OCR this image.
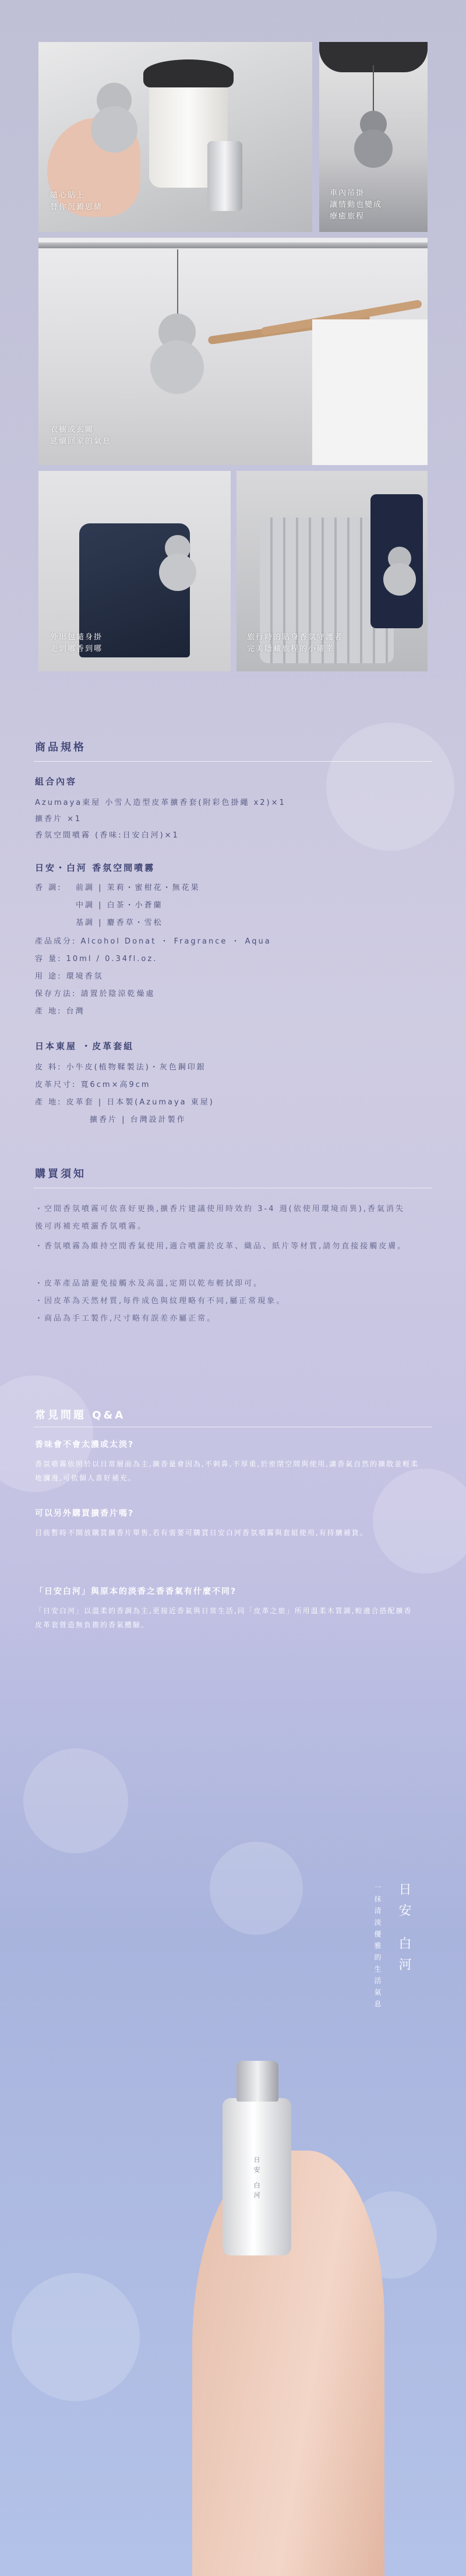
隨心貼上
替你沉澱思緒
車內吊掛
讓情動也變成
療癒旅程
衣櫥或玄關
延續回家的氣息
外出包隨身掛
走到哪香到哪
旅行時的貼身香氛守護者
完美隱藏旅程的小確幸
商品規格
組合內容
Azumaya東屋 小雪人造型皮革擴香套(附彩色掛繩 x2)×1
擴香片 ×1
香氛空間噴霧 (香味:日安白河)×1
日安・白河 香氛空間噴霧
香 調: 前調 | 茉莉・蜜柑花・無花果
中調 | 白茶・小蒼蘭
基調 | 麝香草・雪松
產品成分: Alcohol Donat ・ Fragrance ・ Aqua
容 量: 10ml / 0.34fl.oz.
用 途: 環境香氛
保存方法: 請置於陰涼乾燥處
產 地: 台灣
日本東屋 ・皮革套組
皮 料: 小牛皮(植物鞣製法)・灰色鋼印銀
皮革尺寸: 寬6cm×高9cm
產 地: 皮革套 | 日本製(Azumaya 東屋)
擴香片 | 台灣設計製作
購買須知
・空間香氛噴霧可依喜好更換,擴香片建議使用時效約 3-4 週(依使用環境而異),香氣消失後可再補充噴灑香氛噴霧。
・香氛噴霧為維持空間香氣使用,適合噴灑於皮革、織品、紙片等材質,請勿直接接觸皮膚。
・皮革產品請避免接觸水及高溫,定期以乾布輕拭即可。
・因皮革為天然材質,每件成色與紋理略有不同,屬正常現象。
・商品為手工製作,尺寸略有誤差亦屬正常。
常見問題 Q&A
香味會不會太濃或太淡?
香氛噴霧依照於以日常層面為主,擴香量會因為,不刺鼻,不厚重,於密閉空間與使用,讓香氣自然的擴散並輕柔地瀰漫,可依個人喜好補充。
可以另外購買擴香片嗎?
目前暫時不開放購買擴香片單售,若有需要可購買日安白河香氛噴霧與套組使用,有持續補貨。
「日安白河」與原本的淡香之香香氣有什麼不同?
「日安白河」以溫柔的香調為主,更接近香氣與日常生活,同「皮革之旅」所用溫柔木質調,較適合搭配擴香皮革套營造無負擔的香氣體驗。
日安 白河
一抹清淡優雅的生活氣息
日安 白河
